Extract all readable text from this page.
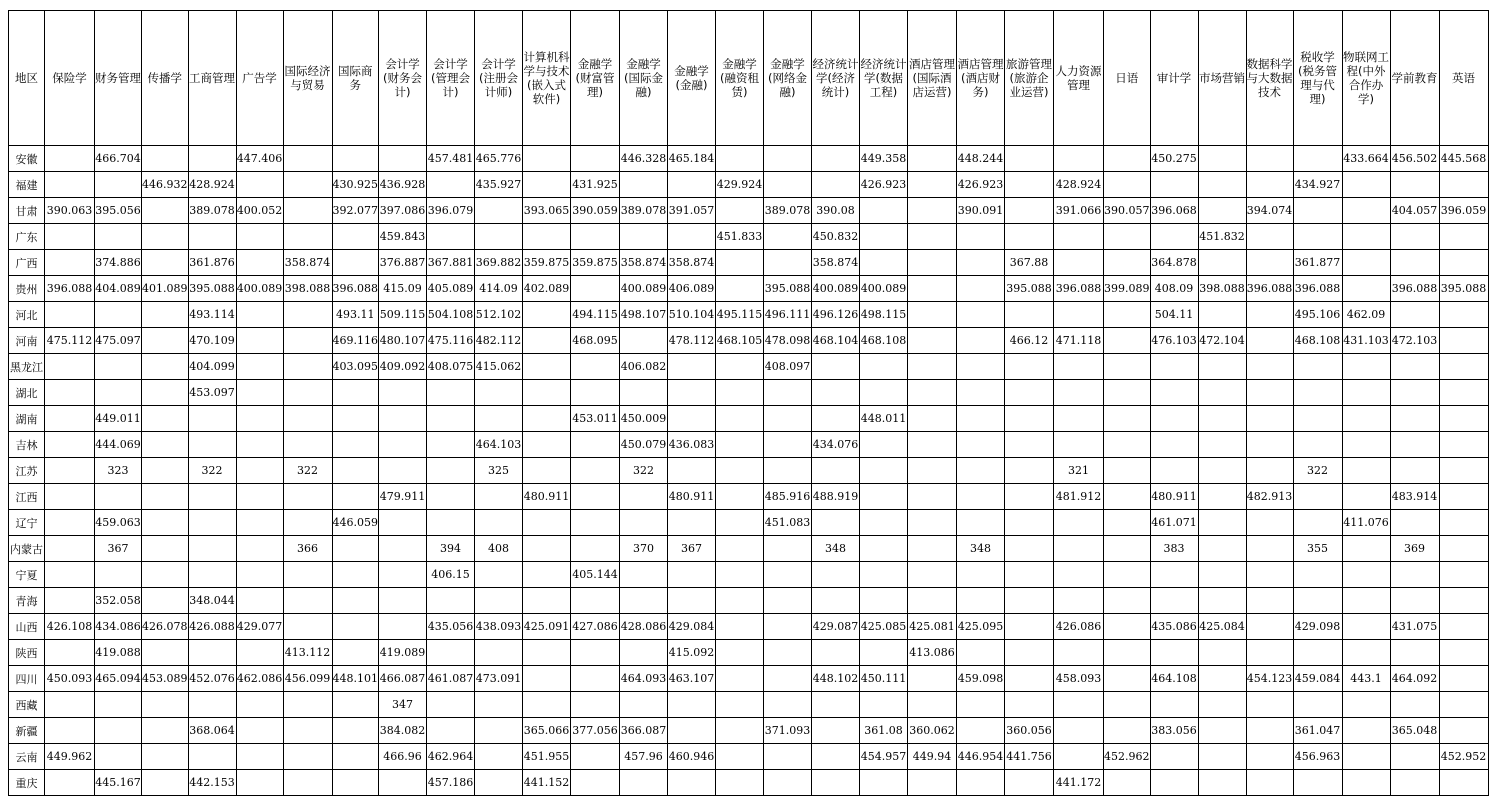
地区	保险学	财务管理	传播学	工商管理	广告学	国际经济与贸易	国际商务	会计学(财务会计)	会计学(管理会计)	会计学(注册会计师)	计算机科学与技术(嵌入式软件)	金融学(财富管理)	金融学(国际金融)	金融学(金融)	金融学(融资租赁)	金融学(网络金融)	经济统计学(经济统计)	经济统计学(数据工程)	酒店管理(国际酒店运营)	酒店管理(酒店财务)	旅游管理(旅游企业运营)	人力资源管理	日语	审计学	市场营销	数据科学与大数据技术	税收学(税务管理与代理)	物联网工程(中外合作办学)	学前教育	英语
安徽		466.704			447.406				457.481	465.776			446.328	465.184				449.358		448.244				450.275				433.664	456.502	445.568
福建			446.932	428.924			430.925	436.928		435.927		431.925			429.924			426.923		426.923		428.924					434.927			
甘肃	390.063	395.056		389.078	400.052		392.077	397.086	396.079		393.065	390.059	389.078	391.057		389.078	390.08			390.091		391.066	390.057	396.068		394.074			404.057	396.059
广东								459.843							451.833		450.832								451.832					
广西		374.886		361.876		358.874		376.887	367.881	369.882	359.875	359.875	358.874	358.874			358.874				367.88			364.878			361.877			
贵州	396.088	404.089	401.089	395.088	400.089	398.088	396.088	415.09	405.089	414.09	402.089		400.089	406.089		395.088	400.089	400.089			395.088	396.088	399.089	408.09	398.088	396.088	396.088		396.088	395.088
河北				493.114			493.11	509.115	504.108	512.102		494.115	498.107	510.104	495.115	496.111	496.126	498.115						504.11			495.106	462.09		
河南	475.112	475.097		470.109			469.116	480.107	475.116	482.112		468.095		478.112	468.105	478.098	468.104	468.108			466.12	471.118		476.103	472.104		468.108	431.103	472.103	
黑龙江				404.099			403.095	409.092	408.075	415.062			406.082			408.097														
湖北				453.097																										
湖南		449.011										453.011	450.009					448.011												
吉林		444.069								464.103			450.079	436.083			434.076													
江苏		323		322		322				325			322									321					322			
江西								479.911			480.911			480.911		485.916	488.919					481.912		480.911		482.913			483.914	
辽宁		459.063					446.059									451.083								461.071				411.076		
内蒙古		367				366			394	408			370	367			348			348				383			355		369	
宁夏									406.15			405.144																		
青海		352.058		348.044																										
山西	426.108	434.086	426.078	426.088	429.077				435.056	438.093	425.091	427.086	428.086	429.084			429.087	425.085	425.081	425.095		426.086		435.086	425.084		429.098		431.075	
陕西		419.088				413.112		419.089						415.092					413.086											
四川	450.093	465.094	453.089	452.076	462.086	456.099	448.101	466.087	461.087	473.091			464.093	463.107			448.102	450.111		459.098		458.093		464.108		454.123	459.084	443.1	464.092	
西藏								347																						
新疆				368.064				384.082			365.066	377.056	366.087			371.093		361.08	360.062		360.056			383.056			361.047		365.048	
云南	449.962							466.96	462.964		451.955		457.96	460.946				454.957	449.94	446.954	441.756		452.962				456.963			452.952
重庆		445.167		442.153					457.186		441.152											441.172								
